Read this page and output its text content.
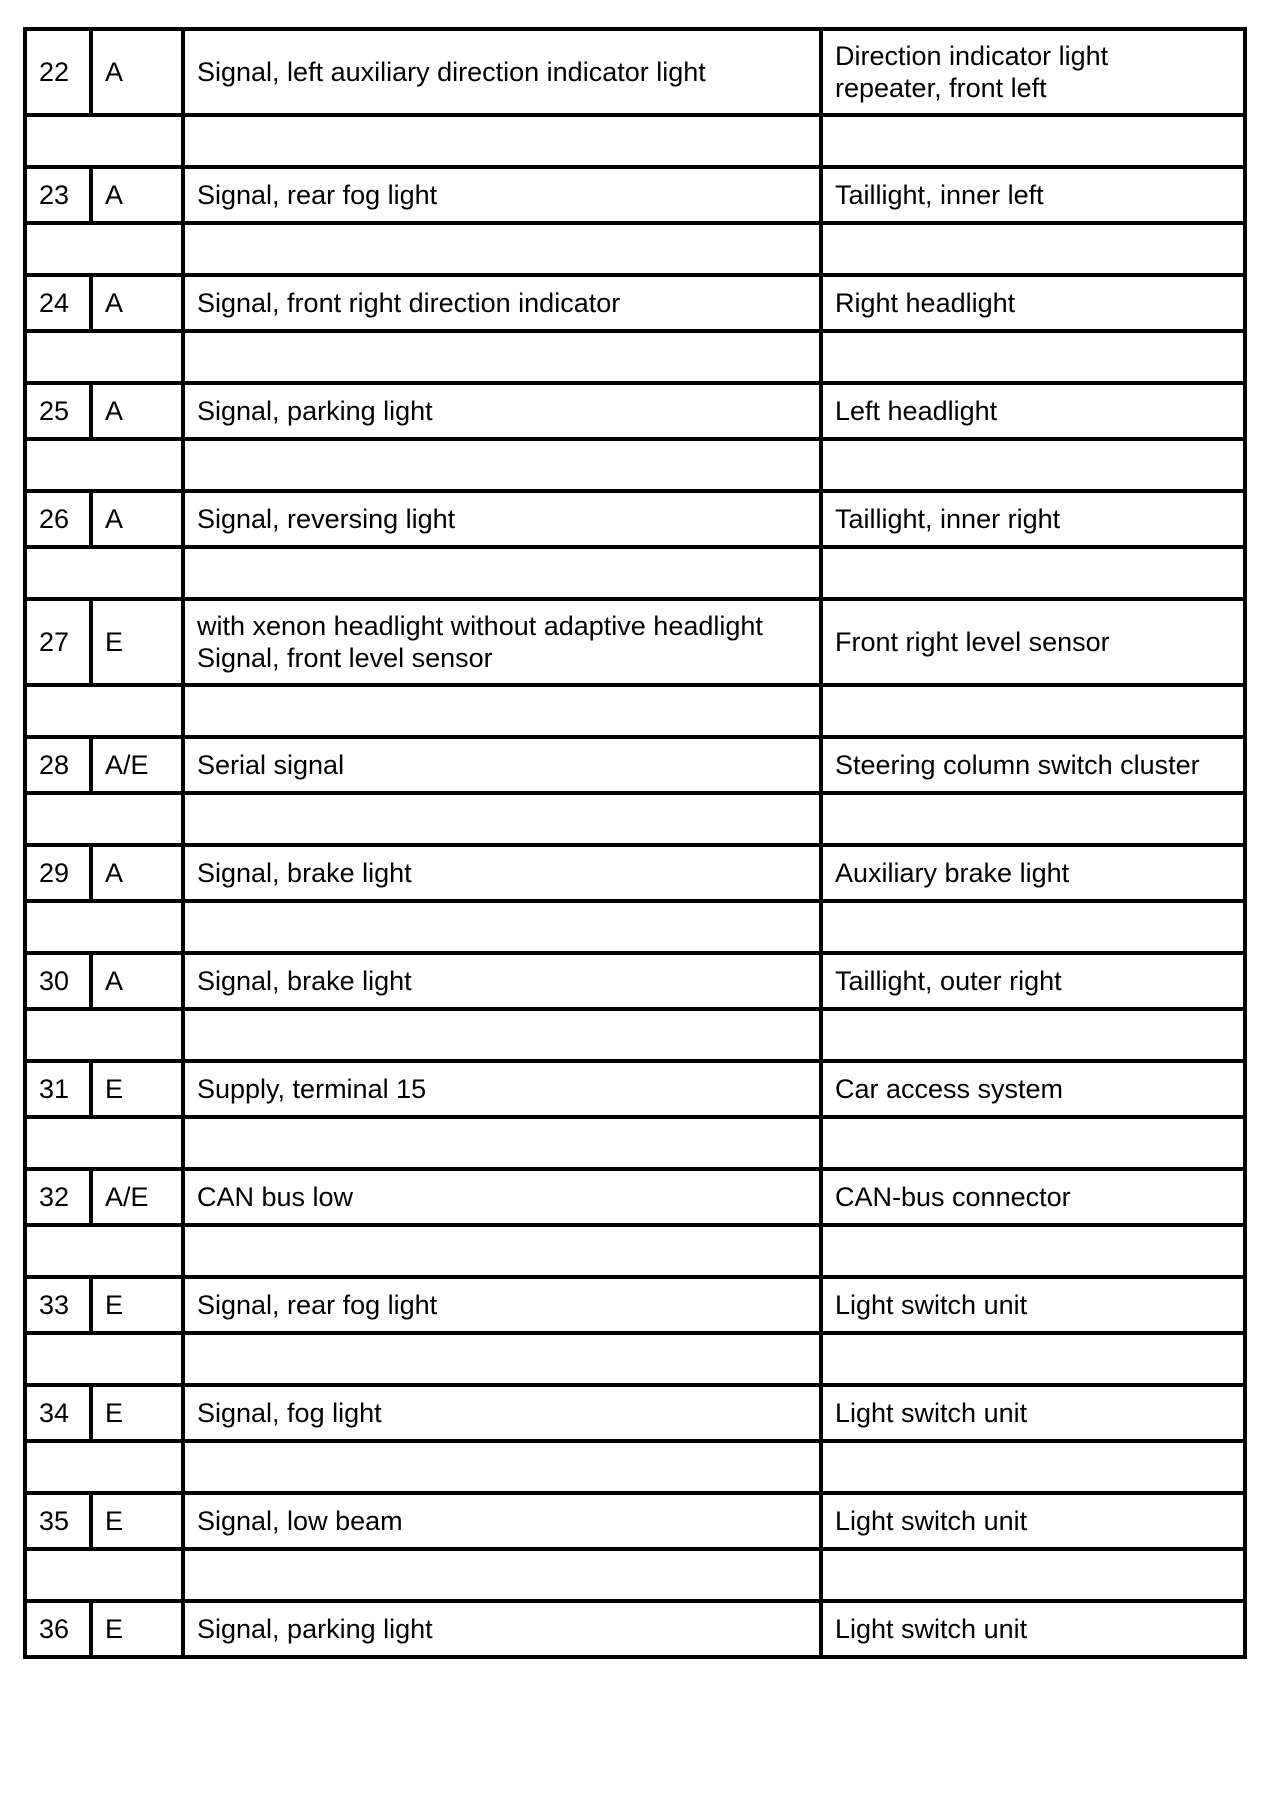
22	A	Signal, left auxiliary direction indicator light	Direction indicator light
repeater, front left

23	A	Signal, rear fog light	Taillight, inner left

24	A	Signal, front right direction indicator	Right headlight

25	A	Signal, parking light	Left headlight

26	A	Signal, reversing light	Taillight, inner right

27	E	with xenon headlight without adaptive headlight
Signal, front level sensor	Front right level sensor

28	A/E	Serial signal	Steering column switch cluster

29	A	Signal, brake light	Auxiliary brake light

30	A	Signal, brake light	Taillight, outer right

31	E	Supply, terminal 15	Car access system

32	A/E	CAN bus low	CAN-bus connector

33	E	Signal, rear fog light	Light switch unit

34	E	Signal, fog light	Light switch unit

35	E	Signal, low beam	Light switch unit

36	E	Signal, parking light	Light switch unit
